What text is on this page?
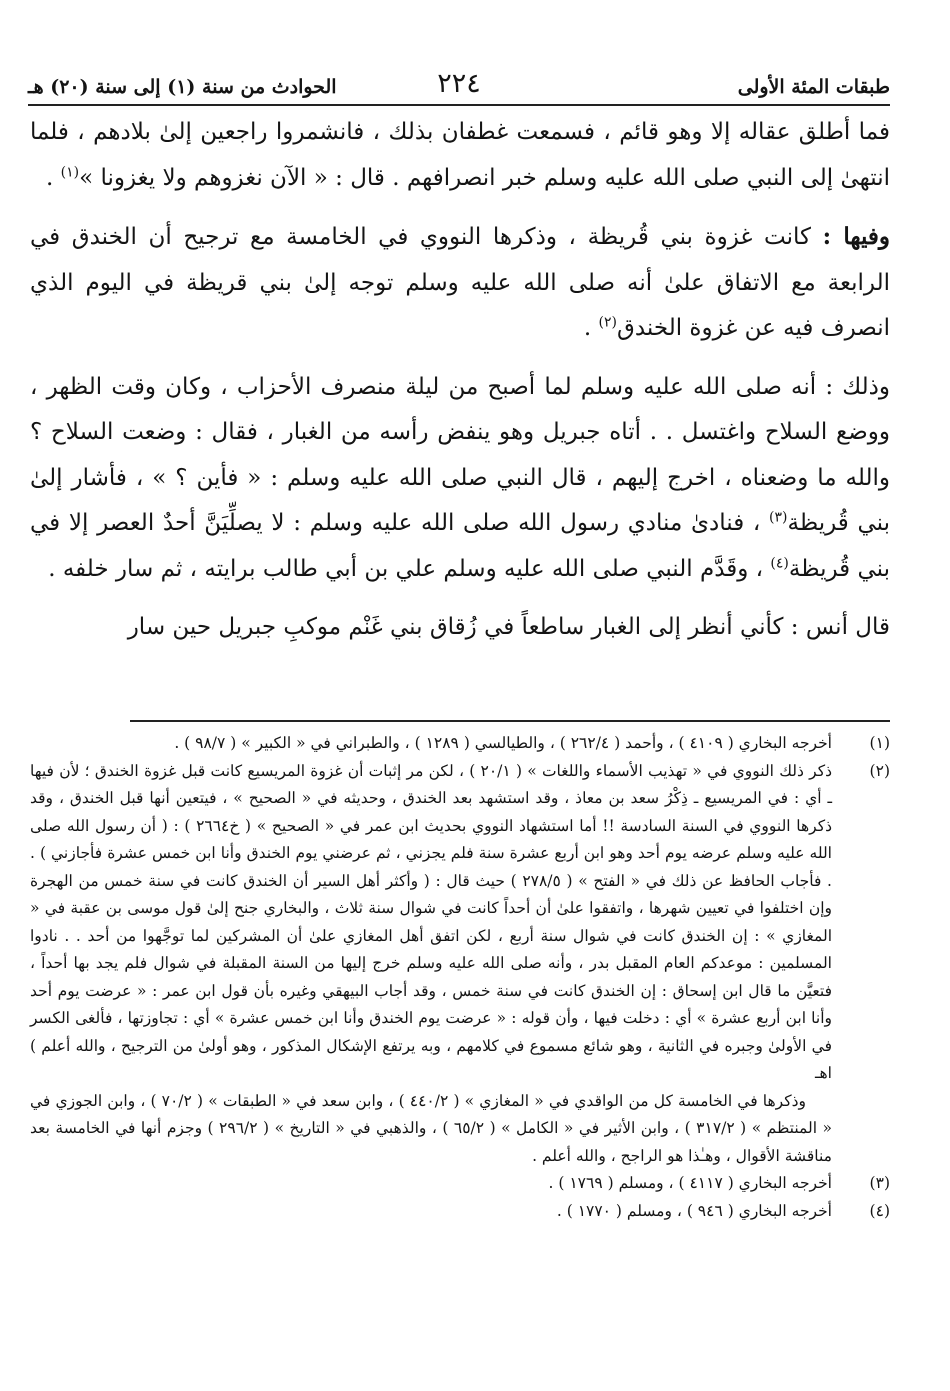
طبقات المئة الأولى
٢٢٤
الحوادث من سنة (١) إلى سنة (٢٠) هـ

فما أطلق عقاله إلا وهو قائم ، فسمعت غطفان بذلك ، فانشمروا راجعين إلىٰ بلادهم ، فلما انتهىٰ إلى النبي صلى الله عليه وسلم خبر انصرافهم . قال : « الآن نغزوهم ولا يغزونا »$^{(١)}$ .

وفيها : كانت غزوة بني قُريظة ، وذكرها النووي في الخامسة مع ترجيح أن الخندق في الرابعة مع الاتفاق علىٰ أنه صلى الله عليه وسلم توجه إلىٰ بني قريظة في اليوم الذي انصرف فيه عن غزوة الخندق$^{(٢)}$ .

وذلك : أنه صلى الله عليه وسلم لما أصبح من ليلة منصرف الأحزاب ، وكان وقت الظهر ، ووضع السلاح واغتسل . . أتاه جبريل وهو ينفض رأسه من الغبار ، فقال : وضعت السلاح ؟ والله ما وضعناه ، اخرج إليهم ، قال النبي صلى الله عليه وسلم : « فأين ؟ » ، فأشار إلىٰ بني قُريظة$^{(٣)}$ ، فنادىٰ منادي رسول الله صلى الله عليه وسلم : لا يصلِّيَنَّ أحدٌ العصر إلا في بني قُريظة$^{(٤)}$ ، وقَدَّم النبي صلى الله عليه وسلم علي بن أبي طالب برايته ، ثم سار خلفه .

قال أنس : كأني أنظر إلى الغبار ساطعاً في زُقاق بني غَنْم موكبِ جبريل حين سار

(١)
أخرجه البخاري ( ٤١٠٩ ) ، وأحمد ( ٢٦٢/٤ ) ، والطيالسي ( ١٢٨٩ ) ، والطبراني في « الكبير » ( ٩٨/٧ ) .
(٢)
ذكر ذلك النووي في « تهذيب الأسماء واللغات » ( ٢٠/١ ) ، لكن مر إثبات أن غزوة المريسيع كانت قبل غزوة الخندق ؛ لأن فيها ـ أي : في المريسيع ـ ذِكْرُ سعد بن معاذ ، وقد استشهد بعد الخندق ، وحديثه في « الصحيح » ، فيتعين أنها قبل الخندق ، وقد ذكرها النووي في السنة السادسة !! أما استشهاد النووي بحديث ابن عمر في « الصحيح » ( خ٢٦٦٤ ) : ( أن رسول الله صلى الله عليه وسلم عرضه يوم أحد وهو ابن أربع عشرة سنة فلم يجزني ، ثم عرضني يوم الخندق وأنا ابن خمس عشرة فأجازني ) . . فأجاب الحافظ عن ذلك في « الفتح » ( ٢٧٨/٥ ) حيث قال : ( وأكثر أهل السير أن الخندق كانت في سنة خمس من الهجرة وإن اختلفوا في تعيين شهرها ، واتفقوا علىٰ أن أحداً كانت في شوال سنة ثلاث ، والبخاري جنح إلىٰ قول موسى بن عقبة في « المغازي » : إن الخندق كانت في شوال سنة أربع ، لكن اتفق أهل المغازي علىٰ أن المشركين لما توجَّهوا من أحد . . نادوا المسلمين : موعدكم العام المقبل بدر ، وأنه صلى الله عليه وسلم خرج إليها من السنة المقبلة في شوال فلم يجد بها أحداً ، فتعيَّن ما قال ابن إسحاق : إن الخندق كانت في سنة خمس ، وقد أجاب البيهقي وغيره بأن قول ابن عمر : « عرضت يوم أحد وأنا ابن أربع عشرة » أي : دخلت فيها ، وأن قوله : « عرضت يوم الخندق وأنا ابن خمس عشرة » أي : تجاوزتها ، فألغى الكسر في الأولىٰ وجبره في الثانية ، وهو شائع مسموع في كلامهم ، وبه يرتفع الإشكال المذكور ، وهو أولىٰ من الترجيح ، والله أعلم ) اهـ

وذكرها في الخامسة كل من الواقدي في « المغازي » ( ٤٤٠/٢ ) ، وابن سعد في « الطبقات » ( ٧٠/٢ ) ، وابن الجوزي في « المنتظم » ( ٣١٧/٢ ) ، وابن الأثير في « الكامل » ( ٦٥/٢ ) ، والذهبي في « التاريخ » ( ٢٩٦/٢ ) وجزم أنها في الخامسة بعد مناقشة الأقوال ، وهـٰذا هو الراجح ، والله أعلم .

(٣)
أخرجه البخاري ( ٤١١٧ ) ، ومسلم ( ١٧٦٩ ) .
(٤)
أخرجه البخاري ( ٩٤٦ ) ، ومسلم ( ١٧٧٠ ) .
